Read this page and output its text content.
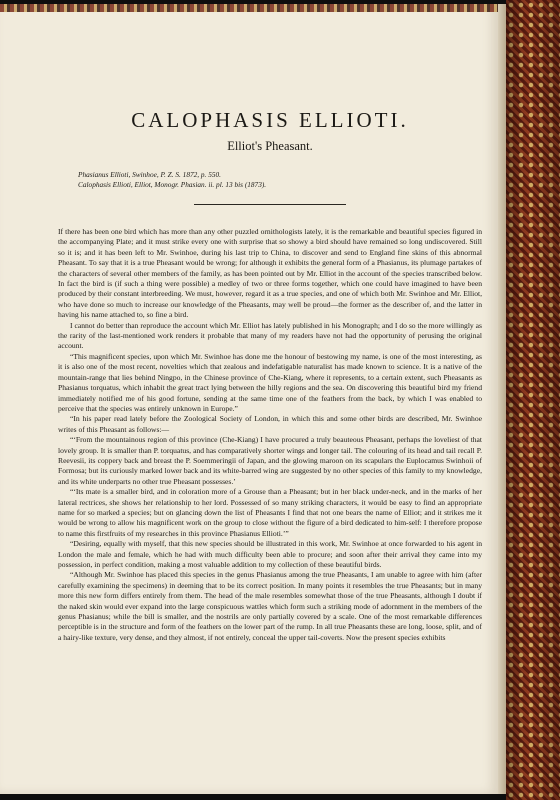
CALOPHASIS ELLIOTI.
Elliot's Pheasant.
Phasianus Ellioti, Swinhoe, P. Z. S. 1872, p. 550.
Calophasis Ellioti, Elliot, Monogr. Phasian. ii. pl. 13 bis (1873).

If there has been one bird which has more than any other puzzled ornithologists lately, it is the remarkable and beautiful species figured in the accompanying Plate; and it must strike every one with surprise that so showy a bird should have remained so long undiscovered. Still so it is; and it has been left to Mr. Swinhoe, during his last trip to China, to discover and send to England fine skins of this abnormal Pheasant. To say that it is a true Pheasant would be wrong; for although it exhibits the general form of a Phasianus, its plumage partakes of the characters of several other members of the family, as has been pointed out by Mr. Elliot in the account of the species transcribed below. In fact the bird is (if such a thing were possible) a medley of two or three forms together, which one could have imagined to have been produced by their constant interbreeding. We must, however, regard it as a true species, and one of which both Mr. Swinhoe and Mr. Elliot, who have done so much to increase our knowledge of the Pheasants, may well be proud—the former as the describer of, and the latter in having his name attached to, so fine a bird.

I cannot do better than reproduce the account which Mr. Elliot has lately published in his Monograph; and I do so the more willingly as the rarity of the last-mentioned work renders it probable that many of my readers have not had the opportunity of perusing the original account.

“This magnificent species, upon which Mr. Swinhoe has done me the honour of bestowing my name, is one of the most interesting, as it is also one of the most recent, novelties which that zealous and indefatigable naturalist has made known to science. It is a native of the mountain-range that lies behind Ningpo, in the Chinese province of Che-Kiang, where it represents, to a certain extent, such Pheasants as Phasianus torquatus, which inhabit the great tract lying between the hilly regions and the sea. On discovering this beautiful bird my friend immediately notified me of his good fortune, sending at the same time one of the feathers from the back, by which I was enabled to perceive that the species was entirely unknown in Europe.”

“In his paper read lately before the Zoological Society of London, in which this and some other birds are described, Mr. Swinhoe writes of this Pheasant as follows:—

“‘From the mountainous region of this province (Che-Kiang) I have procured a truly beauteous Pheasant, perhaps the loveliest of that lovely group. It is smaller than P. torquatus, and has comparatively shorter wings and longer tail. The colouring of its head and tail recall P. Reevesii, its coppery back and breast the P. Soemmeringii of Japan, and the glowing maroon on its scapulars the Euplocamus Swinhoii of Formosa; but its curiously marked lower back and its white-barred wing are suggested by no other species of this family to my knowledge, and its white underparts no other true Pheasant possesses.’

“‘Its mate is a smaller bird, and in coloration more of a Grouse than a Pheasant; but in her black under-neck, and in the marks of her lateral rectrices, she shows her relationship to her lord. Possessed of so many striking characters, it would be easy to find an appropriate name for so marked a species; but on glancing down the list of Pheasants I find that not one bears the name of Elliot; and it strikes me it would be wrong to allow his magnificent work on the group to close without the figure of a bird dedicated to him-self: I therefore propose to name this firstfruits of my researches in this province Phasianus Ellioti.’”

“Desiring, equally with myself, that this new species should be illustrated in this work, Mr. Swinhoe at once forwarded to his agent in London the male and female, which he had with much difficulty been able to procure; and soon after their arrival they came into my possession, in perfect condition, making a most valuable addition to my collection of these beautiful birds.

“Although Mr. Swinhoe has placed this species in the genus Phasianus among the true Pheasants, I am unable to agree with him (after carefully examining the specimens) in deeming that to be its correct position. In many points it resembles the true Pheasants; but in many more this new form differs entirely from them. The head of the male resembles somewhat those of the true Pheasants, although I doubt if the naked skin would ever expand into the large conspicuous wattles which form such a striking mode of adornment in the members of the genus Phasianus; while the bill is smaller, and the nostrils are only partially covered by a scale. One of the most remarkable differences perceptible is in the structure and form of the feathers on the lower part of the rump. In all true Pheasants these are long, loose, split, and of a hairy-like texture, very dense, and they almost, if not entirely, conceal the upper tail-coverts. Now the present species exhibits
